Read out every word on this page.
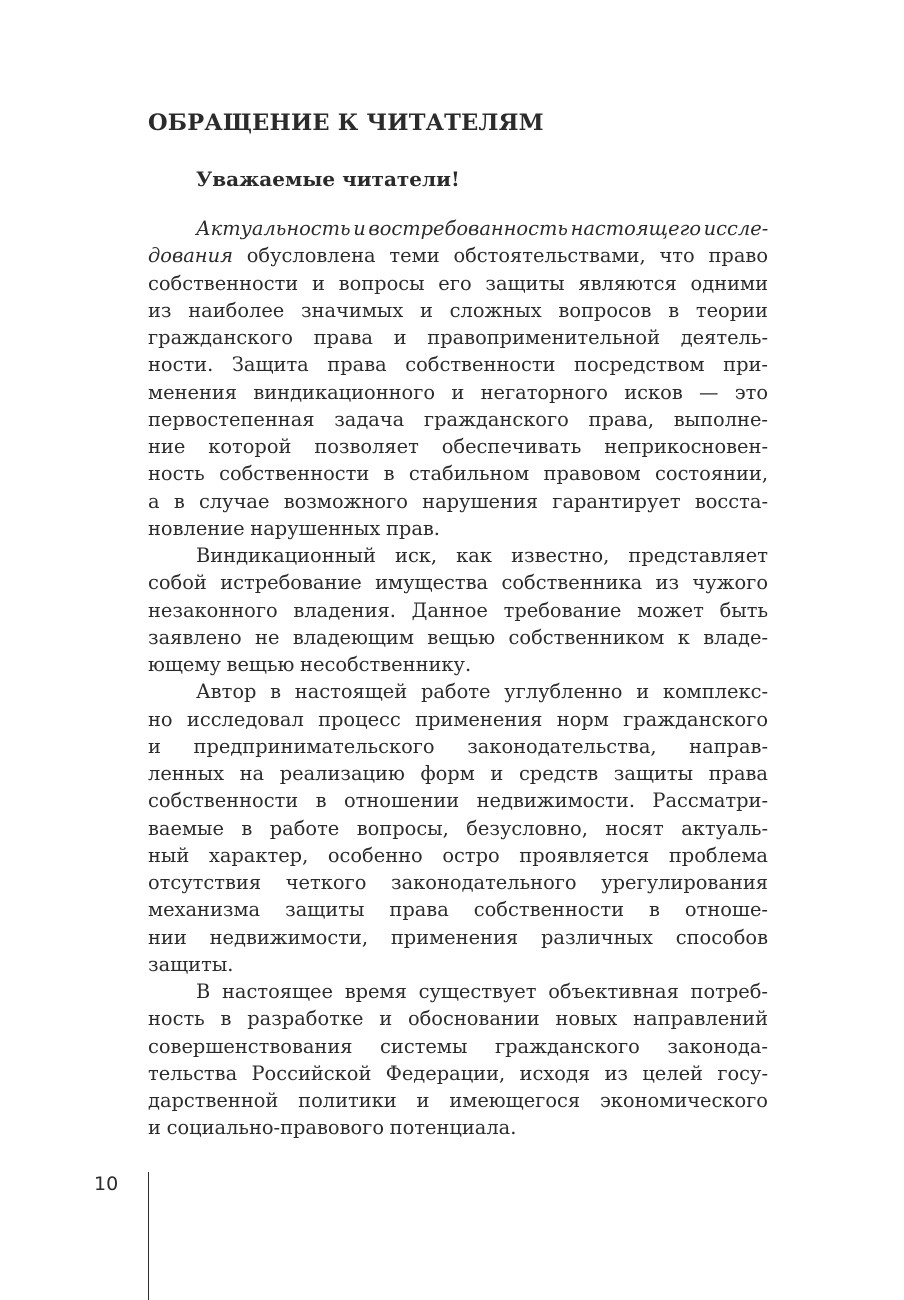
ОБРАЩЕНИЕ К ЧИТАТЕЛЯМ

Уважаемые читатели!

Актуальность и востребованность настоящего иссле-
дования обусловлена теми обстоятельствами, что право
собственности и вопросы его защиты являются одними
из наиболее значимых и сложных вопросов в теории
гражданского права и правоприменительной деятель-
ности. Защита права собственности посредством при-
менения виндикационного и негаторного исков — это
первостепенная задача гражданского права, выполне-
ние которой позволяет обеспечивать неприкосновен-
ность собственности в стабильном правовом состоянии,
а в случае возможного нарушения гарантирует восста-
новление нарушенных прав.

Виндикационный иск, как известно, представляет
собой истребование имущества собственника из чужого
незаконного владения. Данное требование может быть
заявлено не владеющим вещью собственником к владе-
ющему вещью несобственнику.

Автор в настоящей работе углубленно и комплекс-
но исследовал процесс применения норм гражданского
и предпринимательского законодательства, направ-
ленных на реализацию форм и средств защиты права
собственности в отношении недвижимости. Рассматри-
ваемые в работе вопросы, безусловно, носят актуаль-
ный характер, особенно остро проявляется проблема
отсутствия четкого законодательного урегулирования
механизма защиты права собственности в отноше-
нии недвижимости, применения различных способов
защиты.

В настоящее время существует объективная потреб-
ность в разработке и обосновании новых направлений
совершенствования системы гражданского законода-
тельства Российской Федерации, исходя из целей госу-
дарственной политики и имеющегося экономического
и социально-правового потенциала.

10
